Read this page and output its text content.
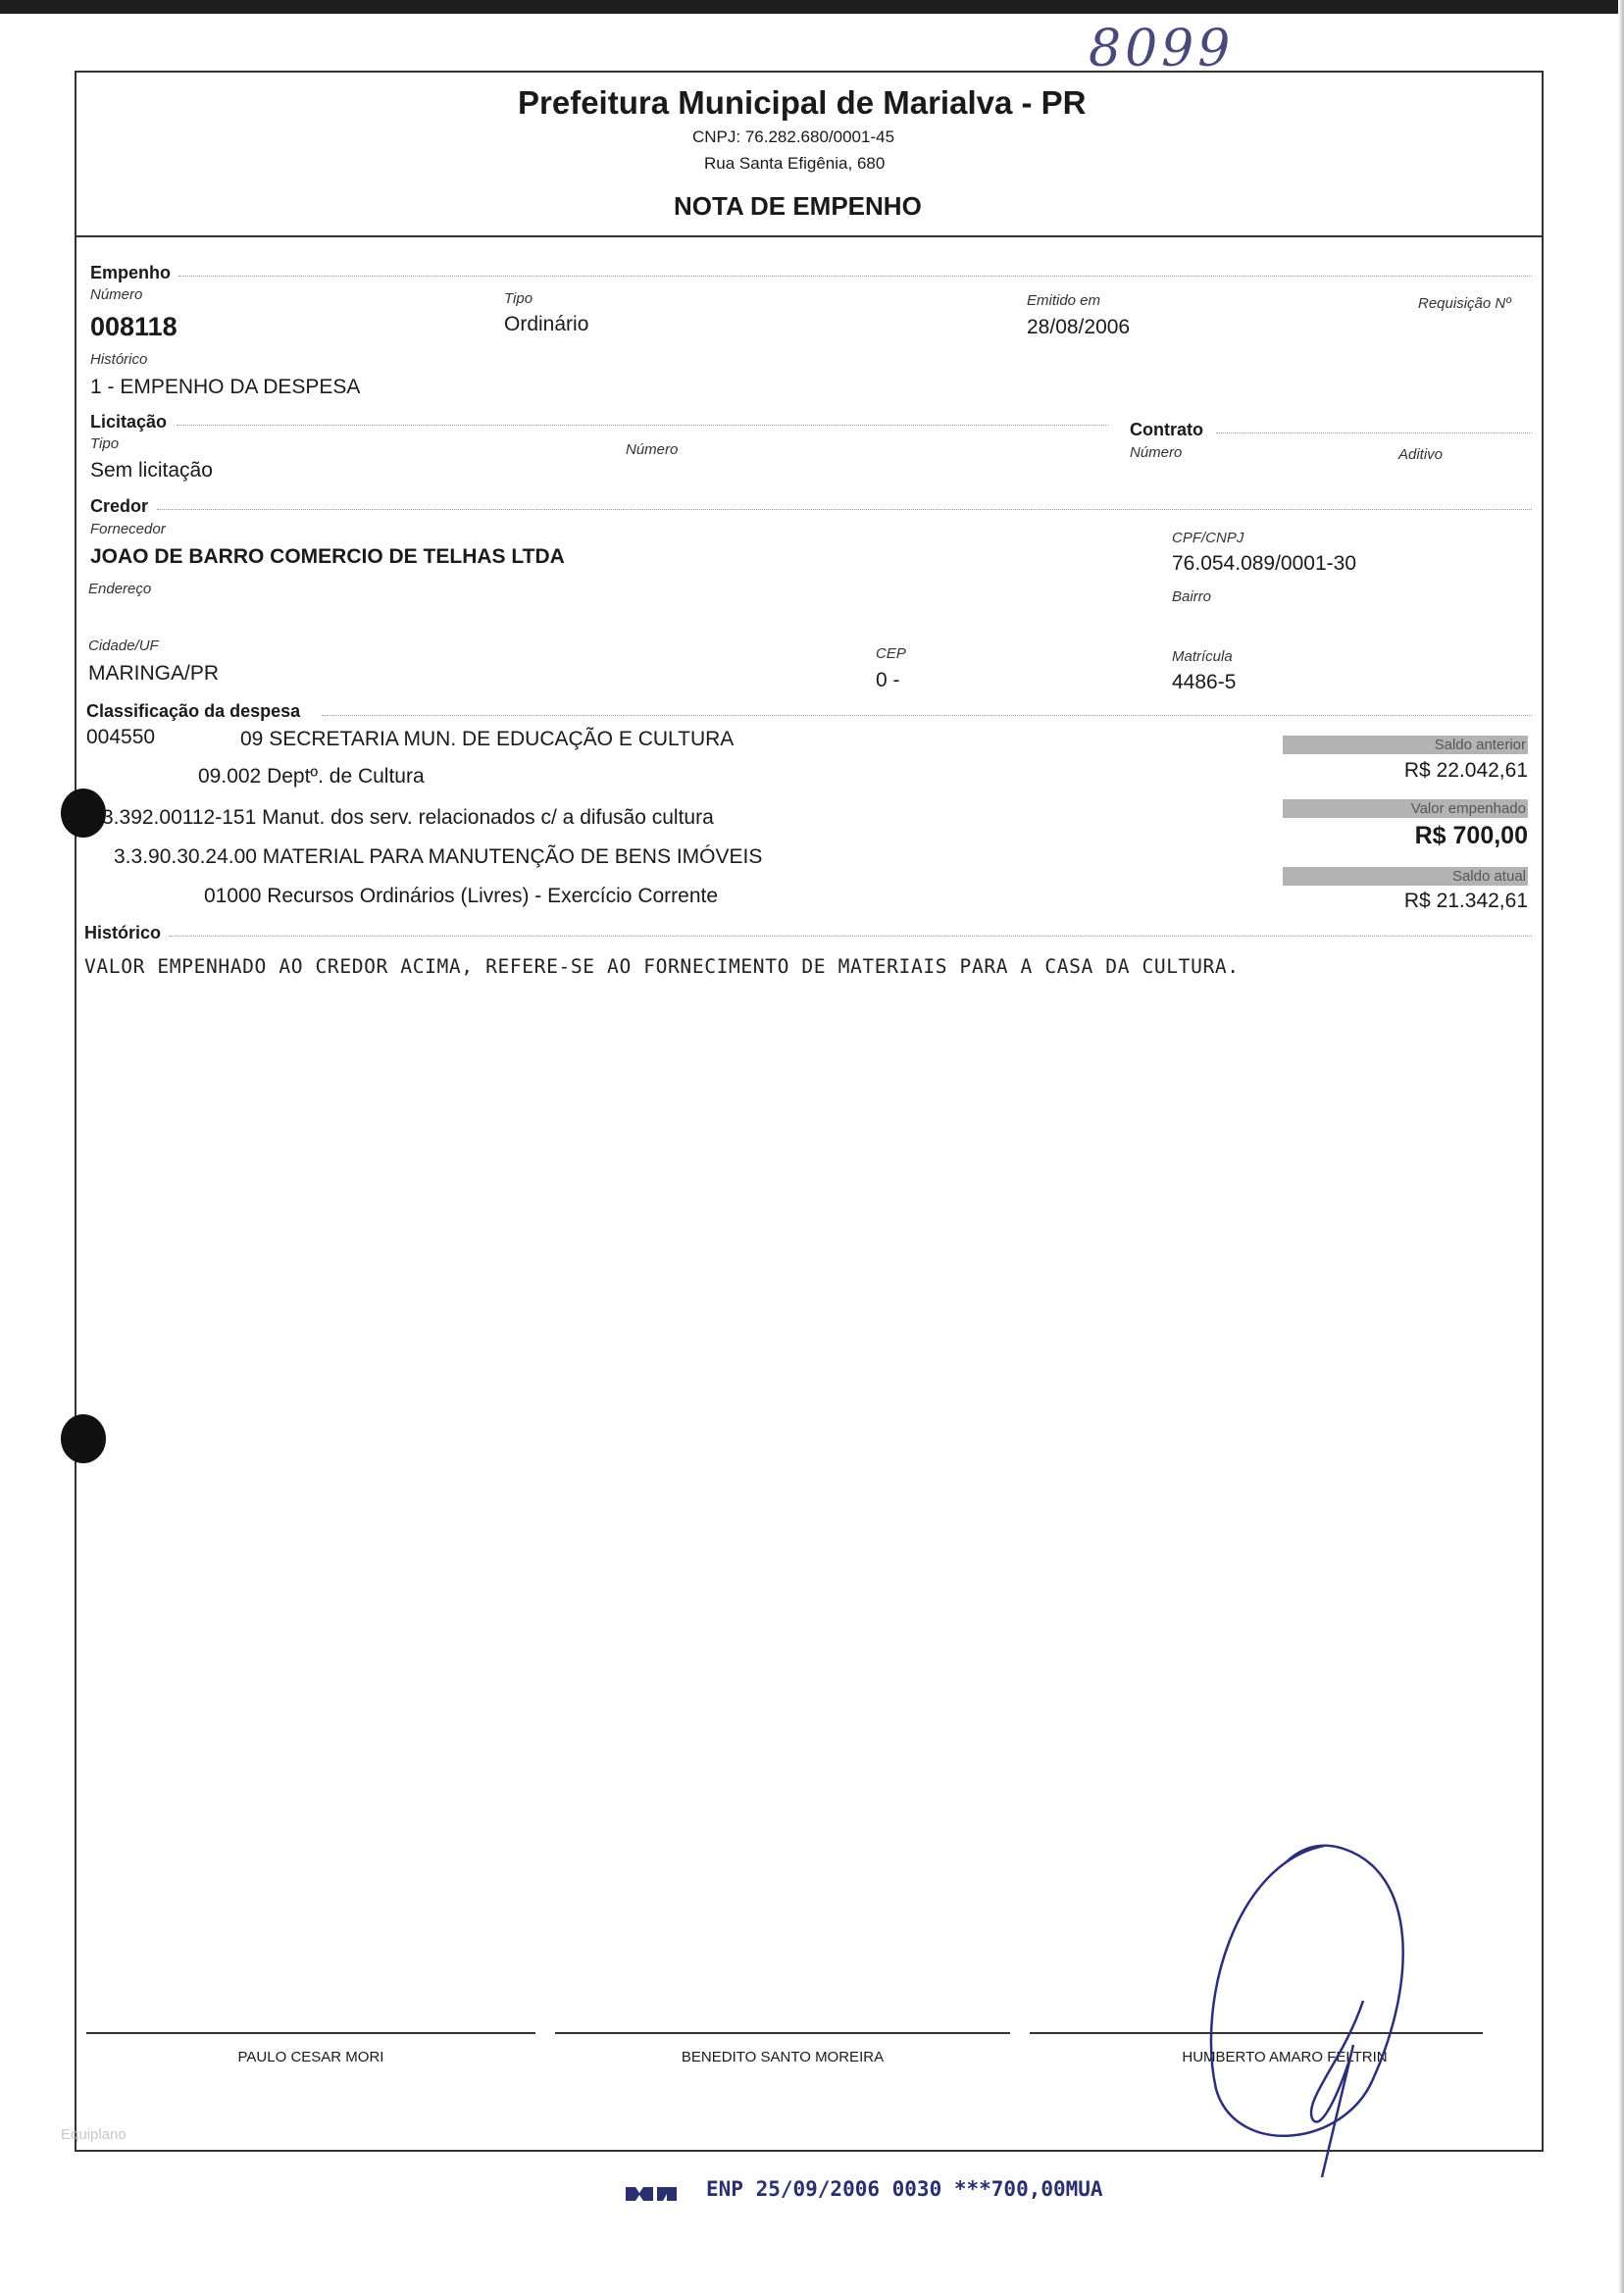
8099
Prefeitura Municipal de Marialva - PR
CNPJ: 76.282.680/0001-45
Rua Santa Efigênia, 680
NOTA DE EMPENHO
Empenho
Número
008118
Tipo
Ordinário
Emitido em
28/08/2006
Requisição Nº
Histórico
1 - EMPENHO DA DESPESA
Licitação
Tipo
Sem licitação
Número
Contrato
Número	Aditivo
Credor
Fornecedor
JOAO DE BARRO COMERCIO DE TELHAS LTDA
CPF/CNPJ
76.054.089/0001-30
Endereço	Bairro
Cidade/UF
MARINGA/PR
CEP
0 -
Matrícula
4486-5
Classificação da despesa
004550	09 SECRETARIA MUN. DE EDUCAÇÃO E CULTURA
09.002 Deptº. de Cultura
3.392.00112-151 Manut. dos serv. relacionados c/ a difusão cultura
3.3.90.30.24.00 MATERIAL PARA MANUTENÇÃO DE BENS IMÓVEIS
01000 Recursos Ordinários (Livres) - Exercício Corrente
Saldo anterior
R$ 22.042,61
Valor empenhado
R$ 700,00
Saldo atual
R$ 21.342,61
Histórico
VALOR EMPENHADO AO CREDOR ACIMA, REFERE-SE AO FORNECIMENTO DE MATERIAIS PARA A CASA DA CULTURA.
PAULO CESAR MORI	BENEDITO SANTO MOREIRA	HUMBERTO AMARO FELTRIN
Equiplano
ENP 25/09/2006 0030 ***700,00MUA
